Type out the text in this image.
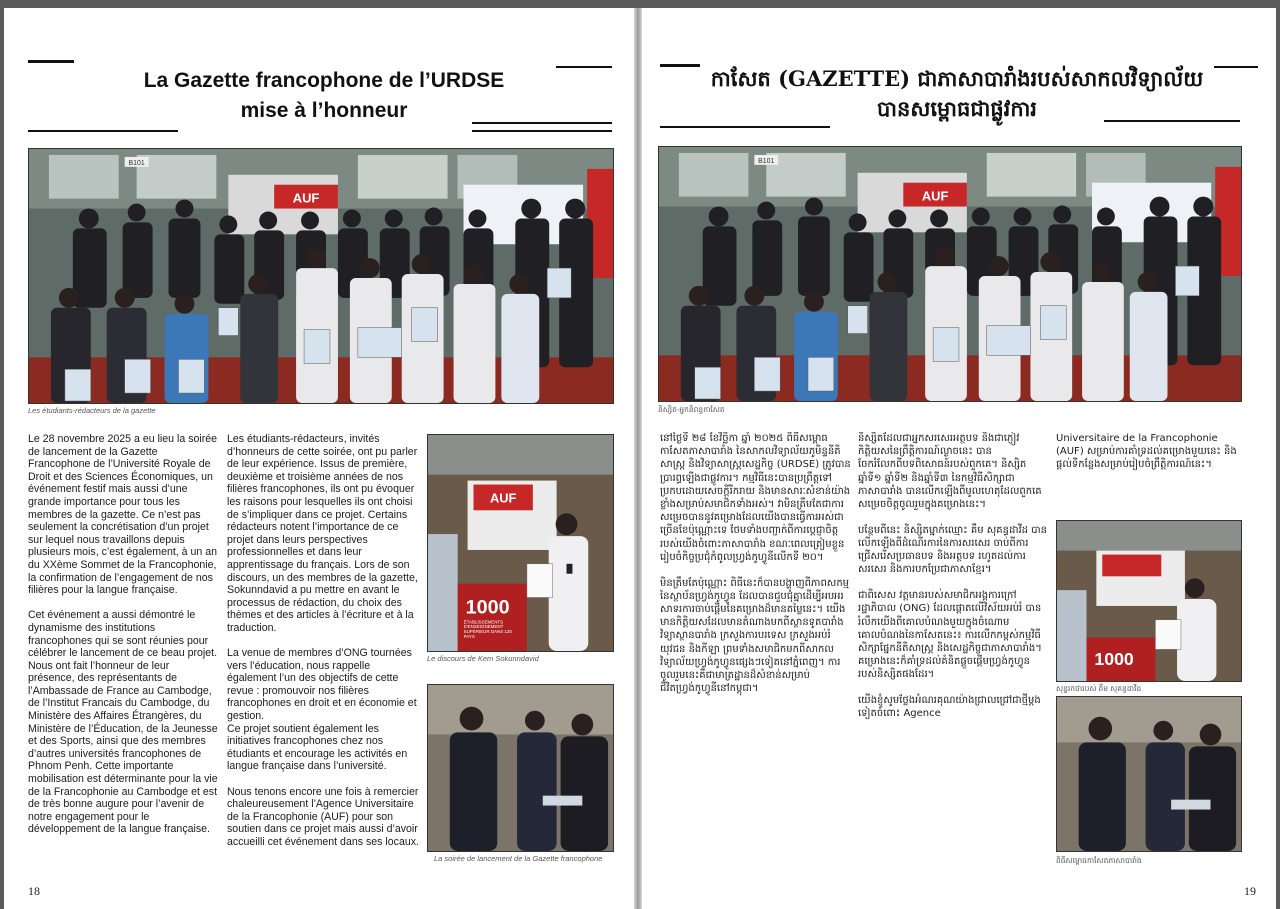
La Gazette francophone de l’URDSE
mise à l’honneur
AUF
B101
Les étudiants-rédacteurs de la gazette

Le 28 novembre 2025 a eu lieu la soirée de lancement de la Gazette Francophone de l’Université Royale de Droit et des Sciences Économiques, un événement festif mais aussi d’une grande importance pour tous les membres de la gazette. Ce n’est pas seulement la concrétisation d’un projet sur lequel nous travaillons depuis plusieurs mois, c’est également, à un an du XXème Sommet de la Francophonie, la confirmation de l’engagement de nos filières pour la langue française.

Cet événement a aussi démontré le dynamisme des institutions francophones qui se sont réunies pour célébrer le lancement de ce beau projet. Nous ont fait l’honneur de leur présence, des représentants de l’Ambassade de France au Cambodge, de l’Institut Francais du Cambodge, du Ministère des Affaires Étrangères, du Ministère de l’Éducation, de la Jeunesse et des Sports, ainsi que des membres d’autres universités francophones de Phnom Penh. Cette importante mobilisation est déterminante pour la vie de la Francophonie au Cambodge et est de très bonne augure pour l’avenir de notre engagement pour le développement de la langue française.

Les étudiants-rédacteurs, invités d’honneurs de cette soirée, ont pu parler de leur expérience. Issus de première, deuxième et troisième années de nos filières francophones, ils ont pu évoquer les raisons pour lesquelles ils ont choisi de s’impliquer dans ce projet. Certains rédacteurs notent l’importance de ce projet dans leurs perspectives professionnelles et dans leur apprentissage du français. Lors de son discours, un des membres de la gazette, Sokunndavid a pu mettre en avant le processus de rédaction, du choix des thèmes et des articles à l’écriture et à la traduction.

La venue de membres d’ONG tournées vers l’éducation, nous rappelle également l’un des objectifs de cette revue : promouvoir nos filières francophones en droit et en économie et gestion.
Ce projet soutient également les initiatives francophones chez nos étudiants et encourage les activités en langue française dans l’université.

Nous tenons encore une fois à remercier chaleureusement l’Agence Universitaire de la Francophonie (AUF) pour son soutien dans ce projet mais aussi d’avoir accueilli cet événement dans ses locaux.

AUF
1000
ÉTABLISSEMENTS D'ENSEIGNEMENT SUPÉRIEUR DANS 120 PAYS
Le discours de Kem Sokunndavid
La soirée de lancement de la Gazette francophone
18
កាសែត (GAZETTE) ជាភាសាបារាំងរបស់សាកលវិទ្យាល័យ
បានសម្ពោធជាផ្លូវការ
AUF
B101
និស្សិត-អ្នកនិពន្ធកាសែត

នៅថ្ងៃទី ២៨ ខែវិច្ឆិកា ឆ្នាំ ២០២៥ ពិធីសម្ពោធកាសែតភាសាបារាំង នៃសាកលវិទ្យាល័យភូមិន្ទនីតិសាស្ត្រ និងវិទ្យាសាស្ត្រសេដ្ឋកិច្ច (URDSE) ត្រូវបានប្រារព្ធឡើងជាផ្លូវការ។ កម្មវិធីនេះបានប្រព្រឹត្តទៅប្រកបដោយសេចក្តីរីករាយ និងមានសារៈសំខាន់យ៉ាងខ្លាំងសម្រាប់សមាជិកទាំងអស់។ វាមិនត្រឹមតែជាការសម្រេចបាននូវគម្រោងដែលយើងបានធ្វើការអស់ជាច្រើនខែប៉ុណ្ណោះទេ ថែមទាំងបញ្ជាក់ពីការប្តេជ្ញាចិត្តរបស់យើងចំពោះភាសាបារាំង ខណៈពេលត្រៀមខ្លួនរៀបចំកិច្ចប្រជុំកំពូលហ្វ្រង់កូហ្វូនីលើកទី ២០។

មិនត្រឹមតែប៉ុណ្ណោះ ពិធីនេះក៏បានបង្ហាញពីភាពសកម្មនៃស្ថាប័នហ្វ្រង់កូហ្វូន ដែលបានជួបជុំគ្នាដើម្បីអបអរសាទរការចាប់ផ្តើមនៃគម្រោងដ៏មានតម្លៃនេះ។ យើងមានកិត្តិយសដែលមានតំណាងមកពីស្ថានទូតបារាំង វិទ្យាស្ថានបារាំង ក្រសួងការបរទេស ក្រសួងអប់រំ យុវជន និងកីឡា ព្រមទាំងសមាជិកមកពីសាកលវិទ្យាល័យហ្វ្រង់កូហ្វូនផ្សេងៗទៀតនៅភ្នំពេញ។ ការចូលរួមនេះគឺជាមាត្រដ្ឋានដ៏សំខាន់សម្រាប់ជីវិតហ្វ្រង់កូហ្វូនីនៅកម្ពុជា។

និស្សិតដែលជាអ្នកសរសេរអត្ថបទ និងជាភ្ញៀវកិត្តិយសនៃព្រឹត្តិការណ៍ល្ងាចនេះ បានចែករំលែកពីបទពិសោធន៍របស់ពួកគេ។ និស្សិតឆ្នាំទី១ ឆ្នាំទី២ និងឆ្នាំទី៣ នៃកម្មវិធីសិក្សាជាភាសាបារាំង បានលើកឡើងពីមូលហេតុដែលពួកគេសម្រេចចិត្តចូលរួមក្នុងគម្រោងនេះ។

បន្ថែមពីនេះ និស្សិតម្នាក់ឈ្មោះ គឹម សុគន្ធដាវីដ បានលើកឡើងពីដំណើរការនៃការសរសេរ ចាប់ពីការជ្រើសរើសប្រធានបទ និងអត្ថបទ រហូតដល់ការសរសេរ និងការបកប្រែជាភាសាខ្មែរ។

ជាពិសេស វត្តមានរបស់សមាជិកអង្គការក្រៅរដ្ឋាភិបាល (ONG) ដែលផ្តោតលើវិស័យអប់រំ បានរំលឹកយើងពីគោលបំណងមួយក្នុងចំណោមគោលបំណងនៃកាសែតនេះ៖ ការលើកកម្ពស់កម្មវិធីសិក្សាផ្នែកនីតិសាស្ត្រ និងសេដ្ឋកិច្ចជាភាសាបារាំង។ គម្រោងនេះក៏គាំទ្រដល់គំនិតផ្តួចផ្តើមហ្វ្រង់កូហ្វូនរបស់និស្សិតផងដែរ។

យើងខ្ញុំសូមថ្លែងអំណរគុណយ៉ាងជ្រាលជ្រៅជាថ្មីម្តងទៀតចំពោះ Agence

Universitaire de la Francophonie (AUF) សម្រាប់ការគាំទ្រដល់គម្រោងមួយនេះ និងផ្តល់ទីកន្លែងសម្រាប់រៀបចំព្រឹត្តិការណ៍នេះ។

1000
សុន្ទរកថារបស់ គឹម សុគន្ធដាវីដ
ពិធីសម្ពោធកាសែតភាសាបារាំង
19
